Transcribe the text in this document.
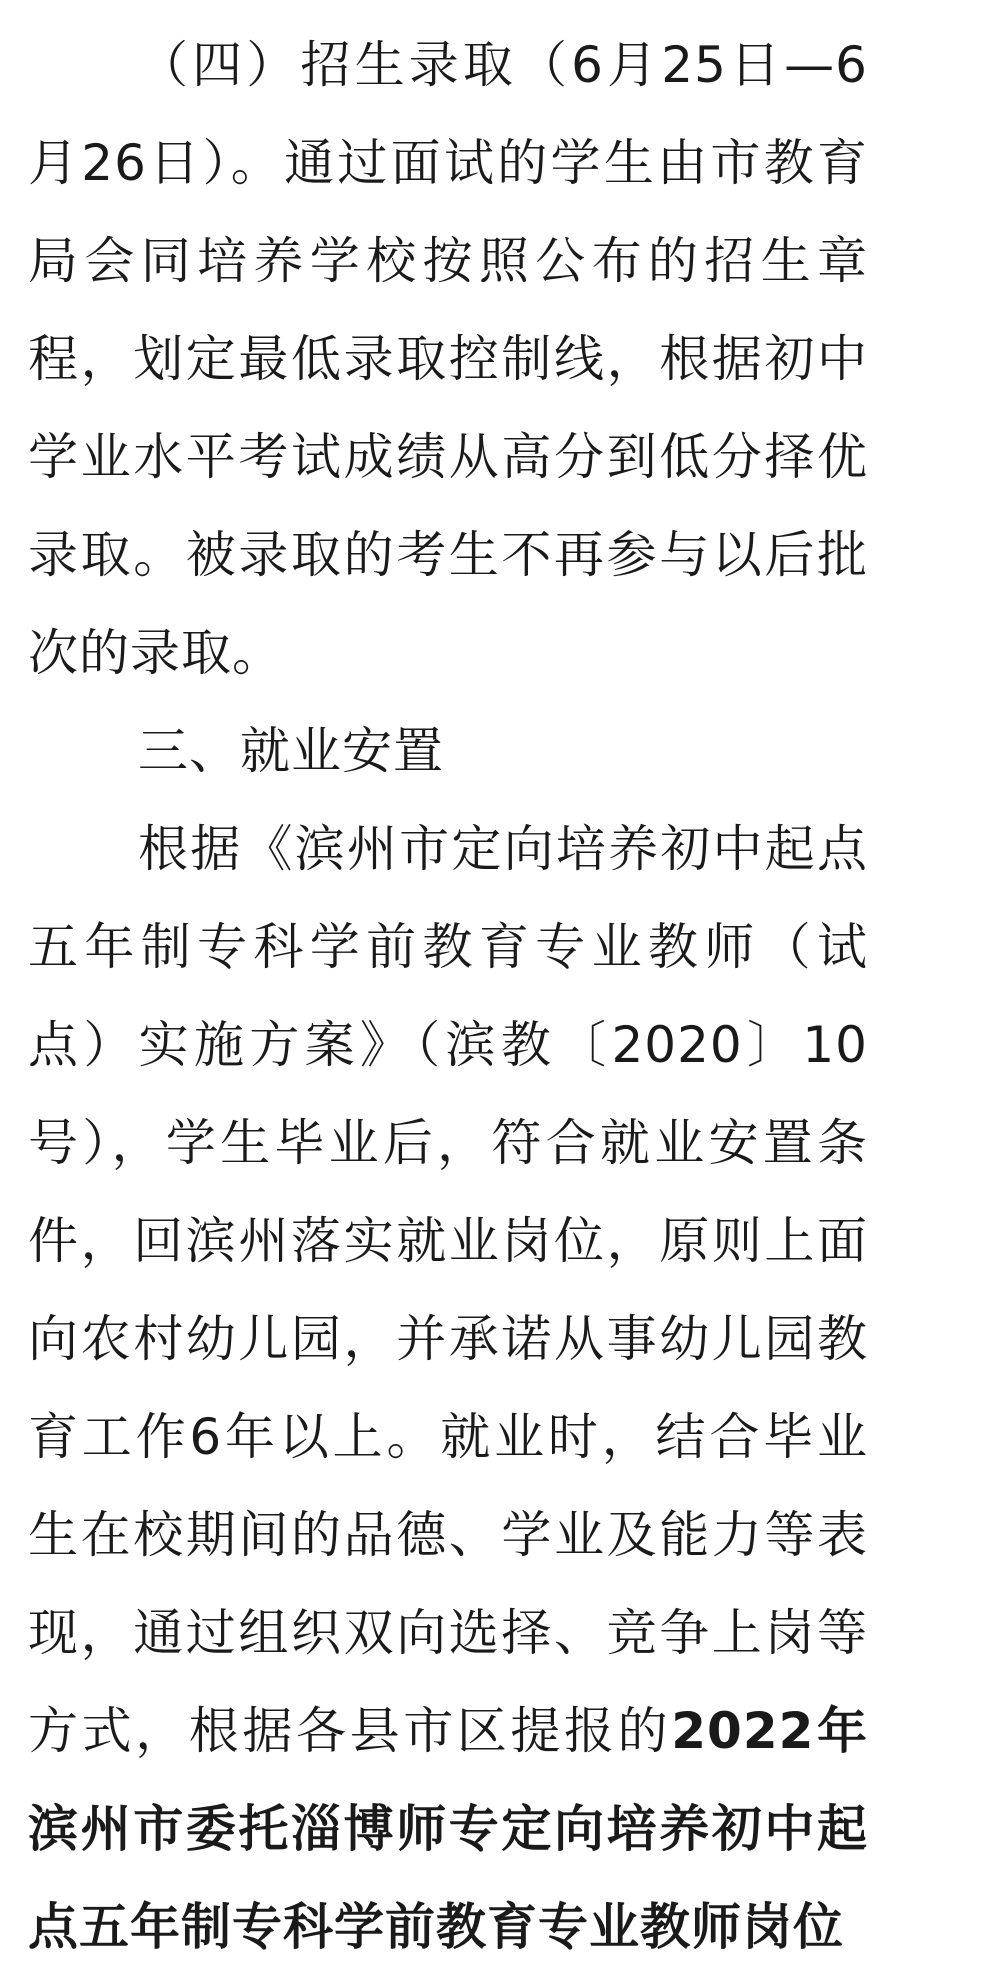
（四）招生录取（6月25日—6月26日）。通过面试的学生由市教育局会同培养学校按照公布的招生章程，划定最低录取控制线，根据初中学业水平考试成绩从高分到低分择优录取。被录取的考生不再参与以后批次的录取。

三、就业安置

根据《滨州市定向培养初中起点五年制专科学前教育专业教师（试点）实施方案》（滨教〔2020〕10号），学生毕业后，符合就业安置条件，回滨州落实就业岗位，原则上面向农村幼儿园，并承诺从事幼儿园教育工作6年以上。就业时，结合毕业生在校期间的品德、学业及能力等表现，通过组织双向选择、竞争上岗等方式，根据各县市区提报的2022年滨州市委托淄博师专定向培养初中起点五年制专科学前教育专业教师岗位
